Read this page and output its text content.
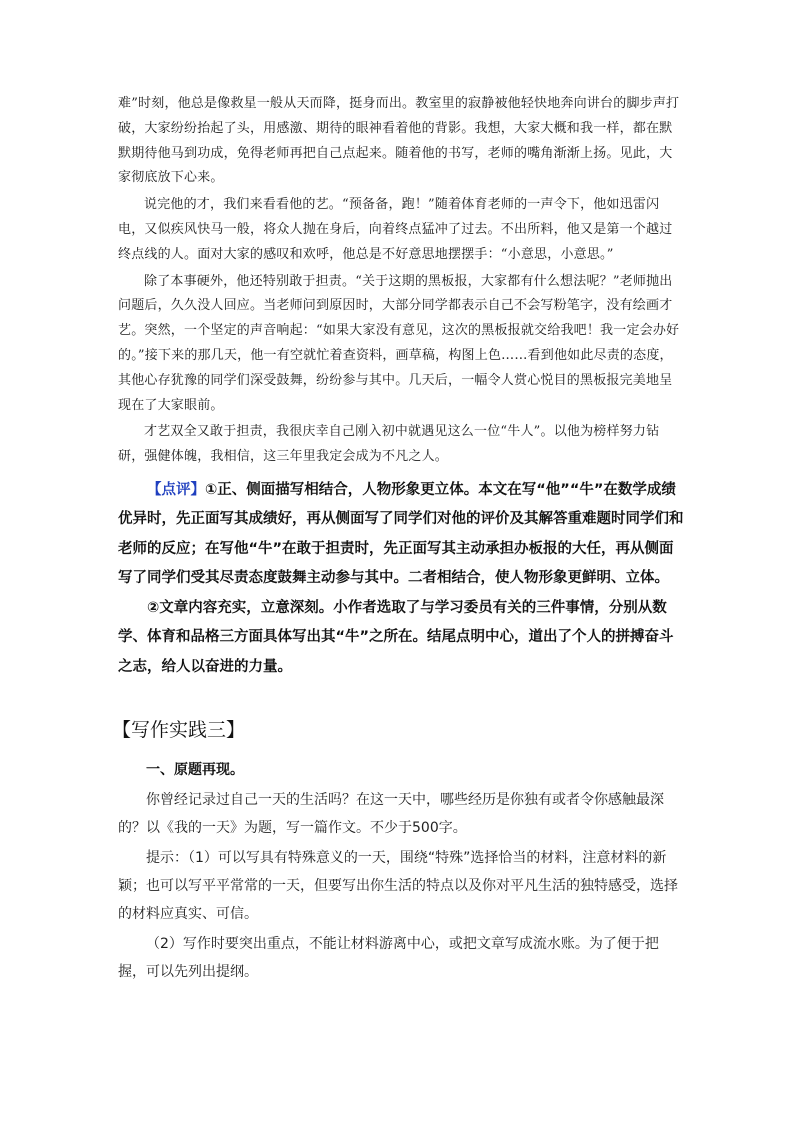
难”时刻，他总是像救星一般从天而降，挺身而出。教室里的寂静被他轻快地奔向讲台的脚步声打破，大家纷纷抬起了头，用感激、期待的眼神看着他的背影。我想，大家大概和我一样，都在默默期待他马到功成，免得老师再把自己点起来。随着他的书写，老师的嘴角渐渐上扬。见此，大家彻底放下心来。

说完他的才，我们来看看他的艺。“预备备，跑！”随着体育老师的一声令下，他如迅雷闪电，又似疾风快马一般，将众人抛在身后，向着终点猛冲了过去。不出所料，他又是第一个越过终点线的人。面对大家的感叹和欢呼，他总是不好意思地摆摆手：“小意思，小意思。”

除了本事硬外，他还特别敢于担责。“关于这期的黑板报，大家都有什么想法呢？”老师抛出问题后，久久没人回应。当老师问到原因时，大部分同学都表示自己不会写粉笔字，没有绘画才艺。突然，一个坚定的声音响起：“如果大家没有意见，这次的黑板报就交给我吧！我一定会办好的。”接下来的那几天，他一有空就忙着查资料，画草稿，构图上色……看到他如此尽责的态度，其他心存犹豫的同学们深受鼓舞，纷纷参与其中。几天后，一幅令人赏心悦目的黑板报完美地呈现在了大家眼前。

才艺双全又敢于担责，我很庆幸自己刚入初中就遇见这么一位“牛人”。以他为榜样努力钻研，强健体魄，我相信，这三年里我定会成为不凡之人。

【点评】①正、侧面描写相结合，人物形象更立体。本文在写“他”“牛”在数学成绩优异时，先正面写其成绩好，再从侧面写了同学们对他的评价及其解答重难题时同学们和老师的反应；在写他“牛”在敢于担责时，先正面写其主动承担办板报的大任，再从侧面写了同学们受其尽责态度鼓舞主动参与其中。二者相结合，使人物形象更鲜明、立体。

②文章内容充实，立意深刻。小作者选取了与学习委员有关的三件事情，分别从数学、体育和品格三方面具体写出其“牛”之所在。结尾点明中心，道出了个人的拼搏奋斗之志，给人以奋进的力量。

【写作实践三】

一、原题再现。

你曾经记录过自己一天的生活吗？在这一天中，哪些经历是你独有或者令你感触最深的？以《我的一天》为题，写一篇作文。不少于500字。

提示：（1）可以写具有特殊意义的一天，围绕“特殊”选择恰当的材料，注意材料的新颖；也可以写平平常常的一天，但要写出你生活的特点以及你对平凡生活的独特感受，选择的材料应真实、可信。

（2）写作时要突出重点，不能让材料游离中心，或把文章写成流水账。为了便于把握，可以先列出提纲。
